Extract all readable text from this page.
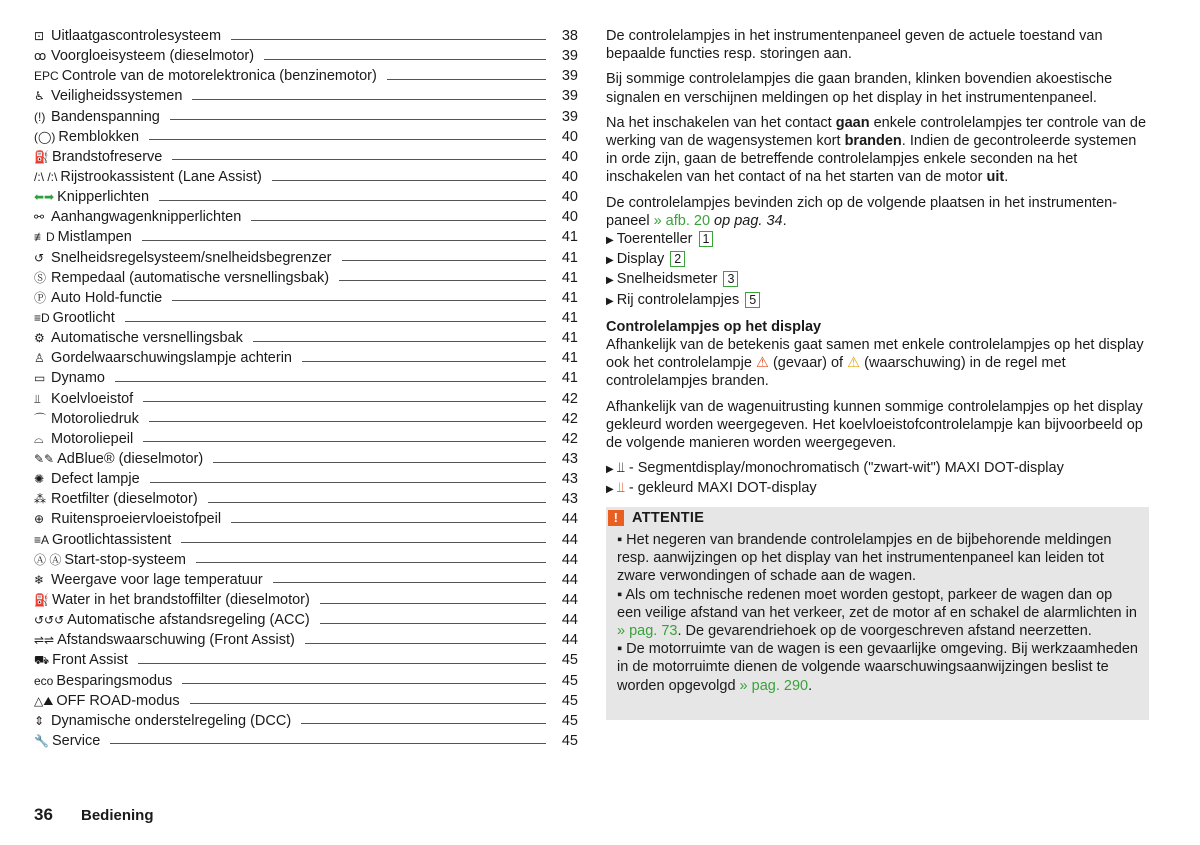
⊡ Uitlaatgascontrolesysteem	38
ꝏ Voorgloeisysteem (dieselmotor)	39
EPC Controle van de motorelektronica (benzinemotor)	39
♿ Veiligheidssystemen	39
(!) Bandenspanning	39
(◯) Remblokken	40
⛽ Brandstofreserve	40
/:\ /:\ Rijstrookassistent (Lane Assist)	40
⬅➡ Knipperlichten	40
⚯ Aanhangwagenknipperlichten	40
≢D Mistlampen	41
↺ Snelheidsregelsysteem/snelheidsbegrenzer	41
Ⓢ Rempedaal (automatische versnellingsbak)	41
Ⓟ Auto Hold-functie	41
≡D Grootlicht	41
⚙ Automatische versnellingsbak	41
♙ Gordelwaarschuwingslampje achterin	41
▭ Dynamo	41
⫫ Koelvloeistof	42
⌒ Motoroliedruk	42
⌓ Motoroliepeil	42
✎✎ AdBlue® (dieselmotor)	43
✺ Defect lampje	43
⁂ Roetfilter (dieselmotor)	43
⊕ Ruitensproeiervloeistofpeil	44
≡A Grootlichtassistent	44
Ⓐ Ⓐ Start-stop-systeem	44
❄ Weergave voor lage temperatuur	44
⛽ Water in het brandstoffilter (dieselmotor)	44
↺↺↺ Automatische afstandsregeling (ACC)	44
⇌⇌ Afstandswaarschuwing (Front Assist)	44
⛟ Front Assist	45
eco Besparingsmodus	45
△⛰ OFF ROAD-modus	45
⇕ Dynamische onderstelregeling (DCC)	45
🔧 Service	45

De controlelampjes in het instrumentenpaneel geven de actuele toestand van bepaalde functies resp. storingen aan.

Bij sommige controlelampjes die gaan branden, klinken bovendien akoestische signalen en verschijnen meldingen op het display in het instrumentenpaneel.

Na het inschakelen van het contact gaan enkele controlelampjes ter controle van de werking van de wagensystemen kort branden. Indien de gecontroleerde systemen in orde zijn, gaan de betreffende controlelampjes enkele seconden na het inschakelen van het contact of na het starten van de motor uit.

De controlelampjes bevinden zich op de volgende plaatsen in het instrumentenpaneel » afb. 20 op pag. 34.

▶ Toerenteller 1
▶ Display 2
▶ Snelheidsmeter 3
▶ Rij controlelampjes 5

Controlelampjes op het display

Afhankelijk van de betekenis gaat samen met enkele controlelampjes op het display ook het controlelampje ⚠ (gevaar) of ⚠ (waarschuwing) in de regel met controlelampjes branden.

Afhankelijk van de wagenuitrusting kunnen sommige controlelampjes op het display gekleurd worden weergegeven. Het koelvloeistofcontrolelampje kan bijvoorbeeld op de volgende manieren worden weergegeven.

▶ ⫫ - Segmentdisplay/monochromatisch ("zwart-wit") MAXI DOT-display
▶ ⫫ - gekleurd MAXI DOT-display
! ATTENTIE

▪ Het negeren van brandende controlelampjes en de bijbehorende meldingen resp. aanwijzingen op het display van het instrumentenpaneel kan leiden tot zware verwondingen of schade aan de wagen.

▪ Als om technische redenen moet worden gestopt, parkeer de wagen dan op een veilige afstand van het verkeer, zet de motor af en schakel de alarmlichten in » pag. 73. De gevarendriehoek op de voorgeschreven afstand neerzetten.

▪ De motorruimte van de wagen is een gevaarlijke omgeving. Bij werkzaamheden in de motorruimte dienen de volgende waarschuwingsaanwijzingen beslist te worden opgevolgd » pag. 290.

36 Bediening
